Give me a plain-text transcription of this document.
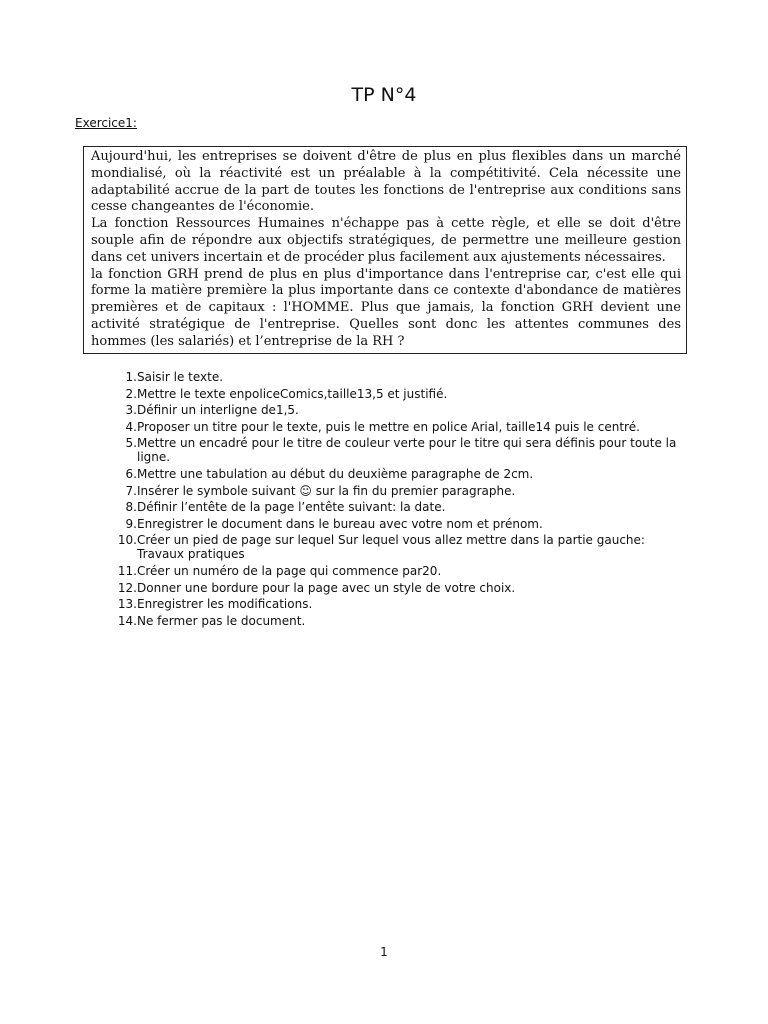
TP N°4
Exercice1:

Aujourd'hui, les entreprises se doivent d'être de plus en plus flexibles dans un marché mondialisé, où la réactivité est un préalable à la compétitivité. Cela nécessite une adaptabilité accrue de la part de toutes les fonctions de l'entreprise aux conditions sans cesse changeantes de l'économie.

La fonction Ressources Humaines n'échappe pas à cette règle, et elle se doit d'être souple afin de répondre aux objectifs stratégiques, de permettre une meilleure gestion dans cet univers incertain et de procéder plus facilement aux ajustements nécessaires.

la fonction GRH prend de plus en plus d'importance dans l'entreprise car, c'est elle qui forme la matière première la plus importante dans ce contexte d'abondance de matières premières et de capitaux : l'HOMME. Plus que jamais, la fonction GRH devient une activité stratégique de l'entreprise. Quelles sont donc les attentes communes des hommes (les salariés) et l’entreprise de la RH ?

1. Saisir le texte.
2. Mettre le texte enpoliceComics,taille13,5 et justifié.
3. Définir un interligne de1,5.
4. Proposer un titre pour le texte, puis le mettre en police Arial, taille14 puis le centré.
5. Mettre un encadré pour le titre de couleur verte pour le titre qui sera définis pour toute la ligne.
6. Mettre une tabulation au début du deuxième paragraphe de 2cm.
7. Insérer le symbole suivant ☺ sur la fin du premier paragraphe.
8. Définir l’entête de la page l’entête suivant: la date.
9. Enregistrer le document dans le bureau avec votre nom et prénom.
10. Créer un pied de page sur lequel Sur lequel vous allez mettre dans la partie gauche: Travaux pratiques
11. Créer un numéro de la page qui commence par20.
12. Donner une bordure pour la page avec un style de votre choix.
13. Enregistrer les modifications.
14. Ne fermer pas le document.
1
